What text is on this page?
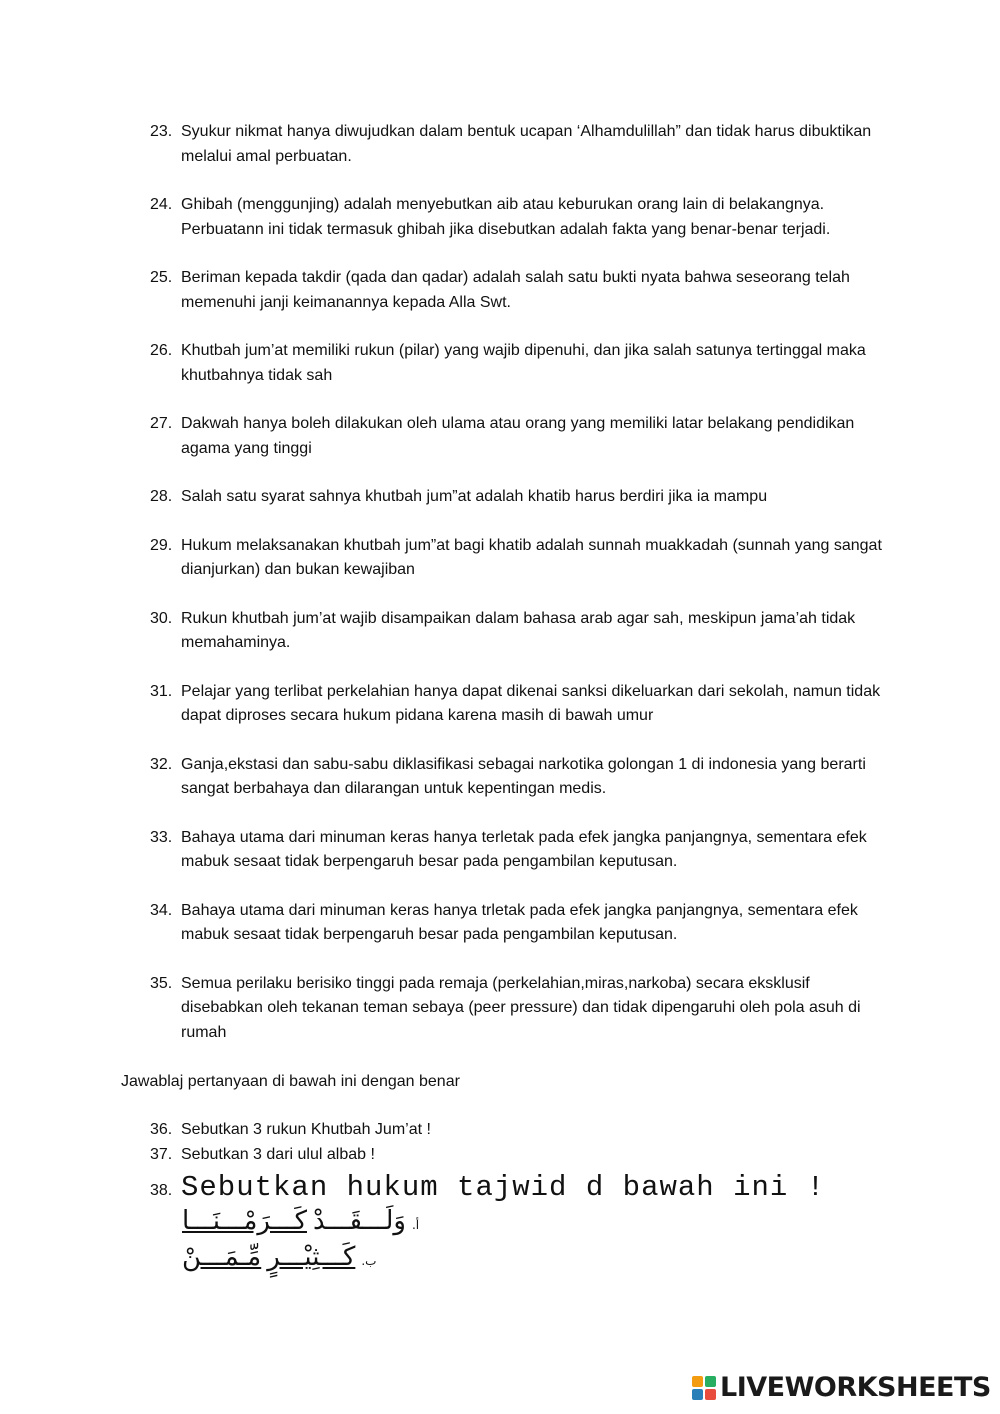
23. Syukur nikmat hanya diwujudkan dalam bentuk ucapan ‘Alhamdulillah” dan tidak harus dibuktikan melalui amal perbuatan.
24. Ghibah (menggunjing) adalah menyebutkan aib atau keburukan orang lain di belakangnya. Perbuatann ini tidak termasuk ghibah jika disebutkan adalah fakta yang benar-benar terjadi.
25. Beriman kepada takdir (qada dan qadar) adalah salah satu bukti nyata bahwa seseorang telah memenuhi janji keimanannya kepada Alla Swt.
26. Khutbah jum’at memiliki rukun (pilar) yang wajib dipenuhi, dan jika salah satunya tertinggal maka khutbahnya tidak sah
27. Dakwah hanya boleh dilakukan oleh ulama atau orang yang memiliki latar belakang pendidikan agama yang tinggi
28. Salah satu syarat sahnya khutbah jum”at adalah khatib harus berdiri jika ia mampu
29. Hukum melaksanakan khutbah jum”at bagi khatib adalah sunnah muakkadah (sunnah yang sangat dianjurkan) dan bukan kewajiban
30. Rukun khutbah jum’at wajib disampaikan dalam bahasa arab agar sah, meskipun jama’ah tidak memahaminya.
31. Pelajar yang terlibat perkelahian hanya dapat dikenai sanksi dikeluarkan dari sekolah, namun tidak dapat diproses secara hukum pidana karena masih di bawah umur
32. Ganja,ekstasi dan sabu-sabu diklasifikasi sebagai narkotika golongan 1 di indonesia yang berarti sangat berbahaya dan dilarangan untuk kepentingan medis.
33. Bahaya utama dari minuman keras hanya terletak pada efek jangka panjangnya, sementara efek mabuk sesaat tidak berpengaruh besar pada pengambilan keputusan.
34. Bahaya utama dari minuman keras hanya trletak pada efek jangka panjangnya, sementara efek mabuk sesaat tidak berpengaruh besar pada pengambilan keputusan.
35. Semua perilaku berisiko tinggi pada remaja (perkelahian,miras,narkoba) secara eksklusif disebabkan oleh tekanan teman sebaya (peer pressure) dan tidak dipengaruhi oleh pola asuh di rumah
Jawablaj pertanyaan di bawah ini dengan benar
36. Sebutkan 3 rukun Khutbah Jum’at !
37. Sebutkan 3 dari ulul albab !
38. Sebutkan hukum tajwid d bawah ini !
أ.
وَلَـــقَـــدْ
كَـــرَمْـــنَـــا
ب.
كَـــثِيْـــرٍ
مِّـمَـــنْ
LIVEWORKSHEETS
